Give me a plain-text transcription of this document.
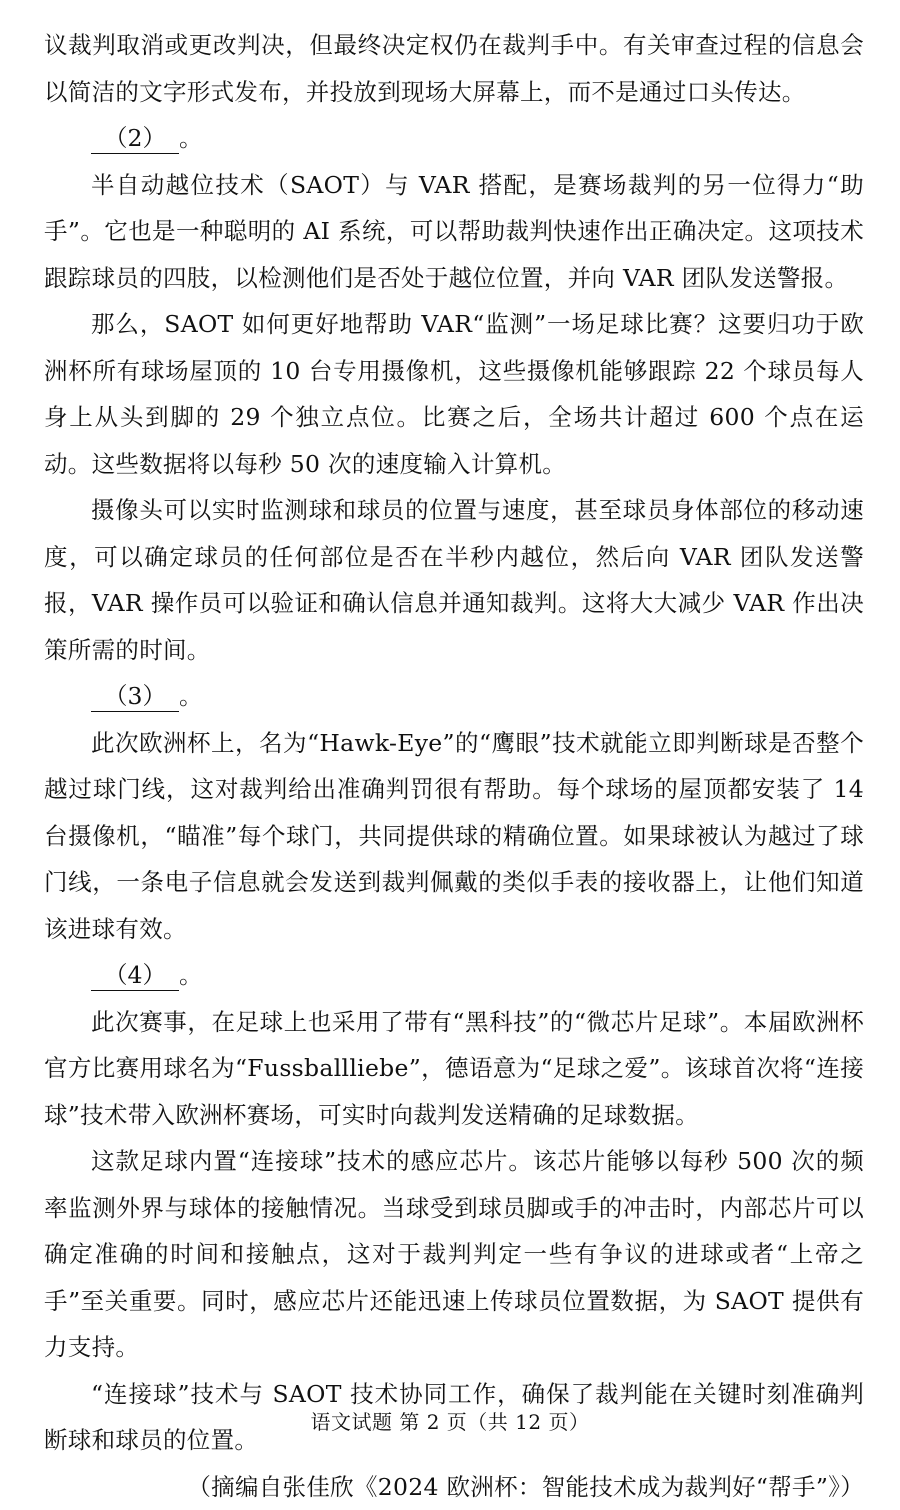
议裁判取消或更改判决，但最终决定权仍在裁判手中。有关审查过程的信息会以简洁的文字形式发布，并投放到现场大屏幕上，而不是通过口头传达。

（2） 。

半自动越位技术（SAOT）与 VAR 搭配，是赛场裁判的另一位得力“助手”。它也是一种聪明的 AI 系统，可以帮助裁判快速作出正确决定。这项技术跟踪球员的四肢，以检测他们是否处于越位位置，并向 VAR 团队发送警报。

那么，SAOT 如何更好地帮助 VAR“监测”一场足球比赛？这要归功于欧洲杯所有球场屋顶的 10 台专用摄像机，这些摄像机能够跟踪 22 个球员每人身上从头到脚的 29 个独立点位。比赛之后，全场共计超过 600 个点在运动。这些数据将以每秒 50 次的速度输入计算机。

摄像头可以实时监测球和球员的位置与速度，甚至球员身体部位的移动速度，可以确定球员的任何部位是否在半秒内越位，然后向 VAR 团队发送警报，VAR 操作员可以验证和确认信息并通知裁判。这将大大减少 VAR 作出决策所需的时间。

（3） 。

此次欧洲杯上，名为“Hawk-Eye”的“鹰眼”技术就能立即判断球是否整个越过球门线，这对裁判给出准确判罚很有帮助。每个球场的屋顶都安装了 14 台摄像机，“瞄准”每个球门，共同提供球的精确位置。如果球被认为越过了球门线，一条电子信息就会发送到裁判佩戴的类似手表的接收器上，让他们知道该进球有效。

（4） 。

此次赛事，在足球上也采用了带有“黑科技”的“微芯片足球”。本届欧洲杯官方比赛用球名为“Fussballliebe”，德语意为“足球之爱”。该球首次将“连接球”技术带入欧洲杯赛场，可实时向裁判发送精确的足球数据。

这款足球内置“连接球”技术的感应芯片。该芯片能够以每秒 500 次的频率监测外界与球体的接触情况。当球受到球员脚或手的冲击时，内部芯片可以确定准确的时间和接触点，这对于裁判判定一些有争议的进球或者“上帝之手”至关重要。同时，感应芯片还能迅速上传球员位置数据，为 SAOT 提供有力支持。

“连接球”技术与 SAOT 技术协同工作，确保了裁判能在关键时刻准确判断球和球员的位置。

（摘编自张佳欣《2024 欧洲杯：智能技术成为裁判好“帮手”》）

语文试题 第 2 页（共 12 页）
